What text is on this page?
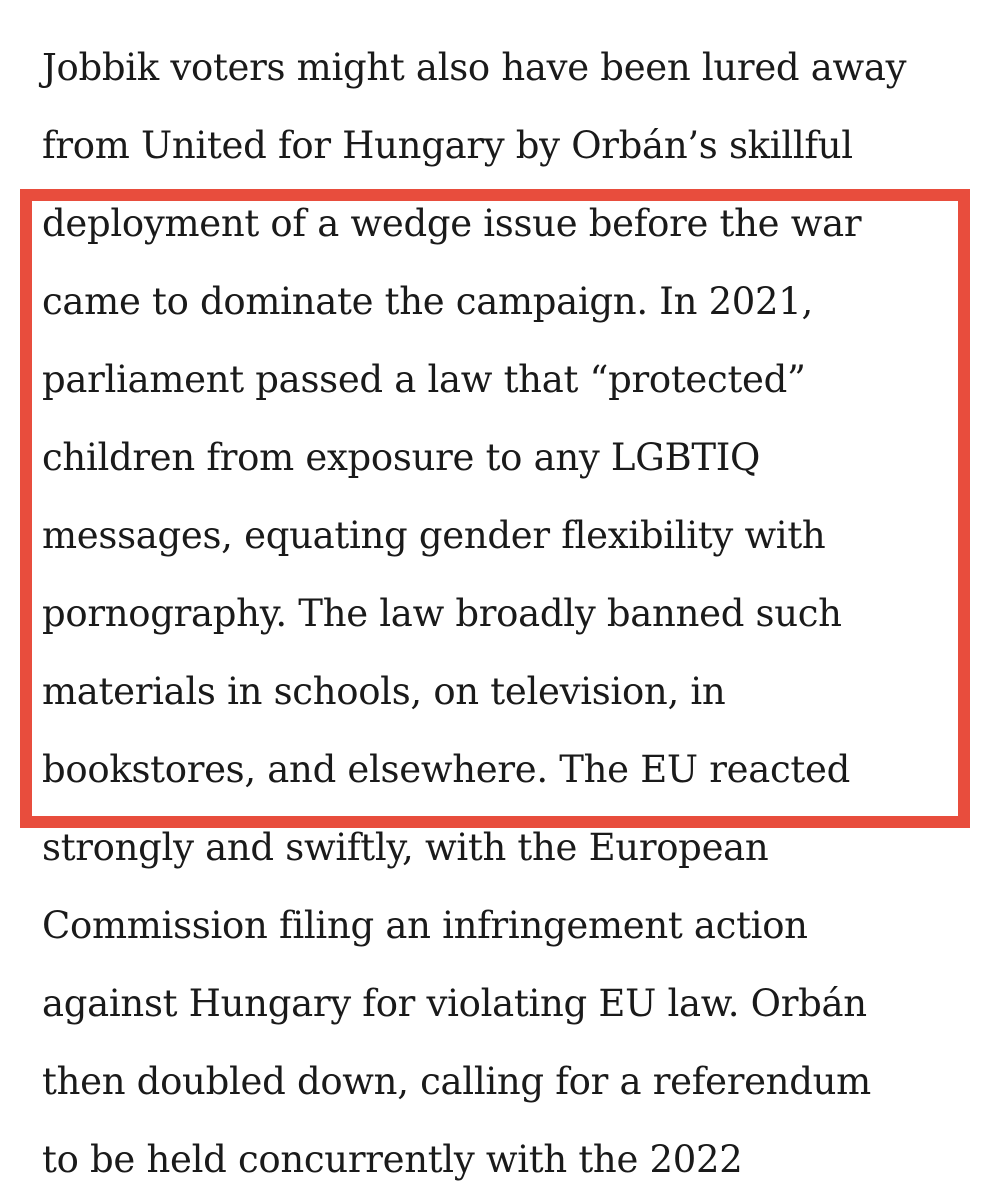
Jobbik voters might also have been lured away
from United for Hungary by Orbán’s skillful
deployment of a wedge issue before the war
came to dominate the campaign. In 2021,
parliament passed a law that “protected”
children from exposure to any LGBTIQ
messages, equating gender flexibility with
pornography. The law broadly banned such
materials in schools, on television, in
bookstores, and elsewhere. The EU reacted
strongly and swiftly, with the European
Commission filing an infringement action
against Hungary for violating EU law. Orbán
then doubled down, calling for a referendum
to be held concurrently with the 2022
